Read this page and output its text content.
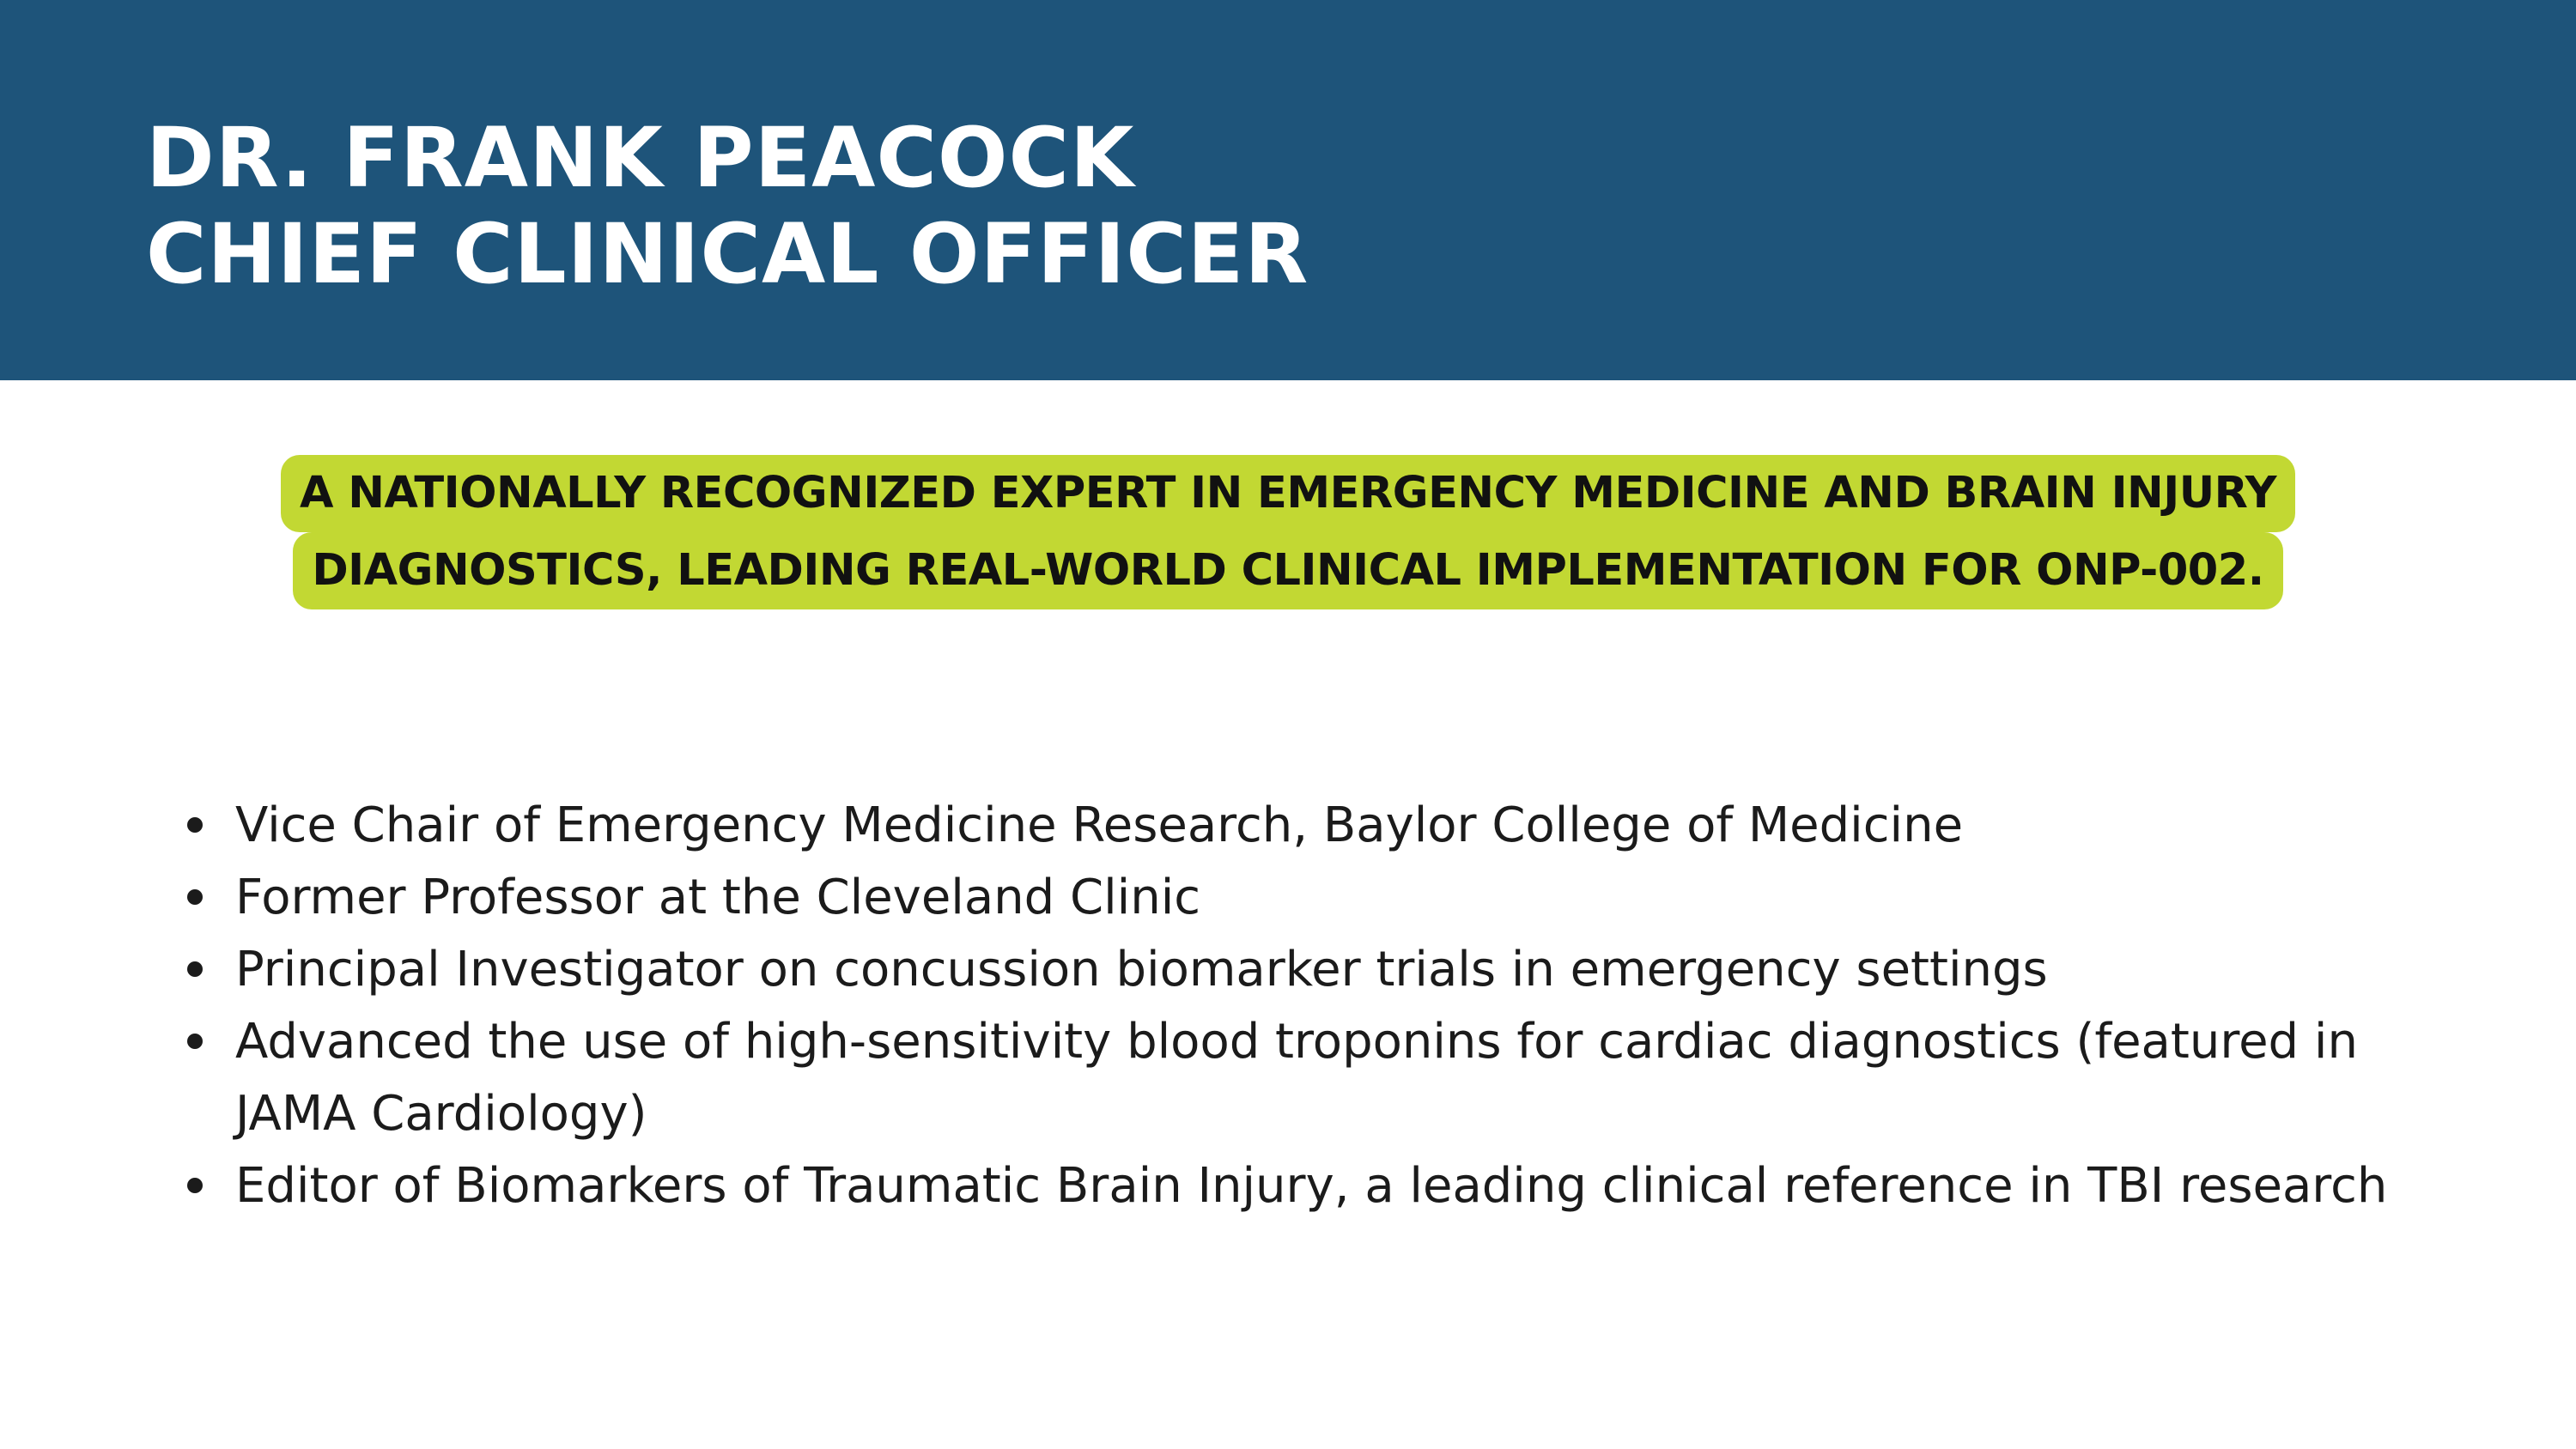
DR. FRANK PEACOCK
CHIEF CLINICAL OFFICER
A NATIONALLY RECOGNIZED EXPERT IN EMERGENCY MEDICINE AND BRAIN INJURY
DIAGNOSTICS, LEADING REAL-WORLD CLINICAL IMPLEMENTATION FOR ONP-002.
Vice Chair of Emergency Medicine Research, Baylor College of Medicine
Former Professor at the Cleveland Clinic
Principal Investigator on concussion biomarker trials in emergency settings
Advanced the use of high-sensitivity blood troponins for cardiac diagnostics (featured in JAMA Cardiology)
Editor of Biomarkers of Traumatic Brain Injury, a leading clinical reference in TBI research
